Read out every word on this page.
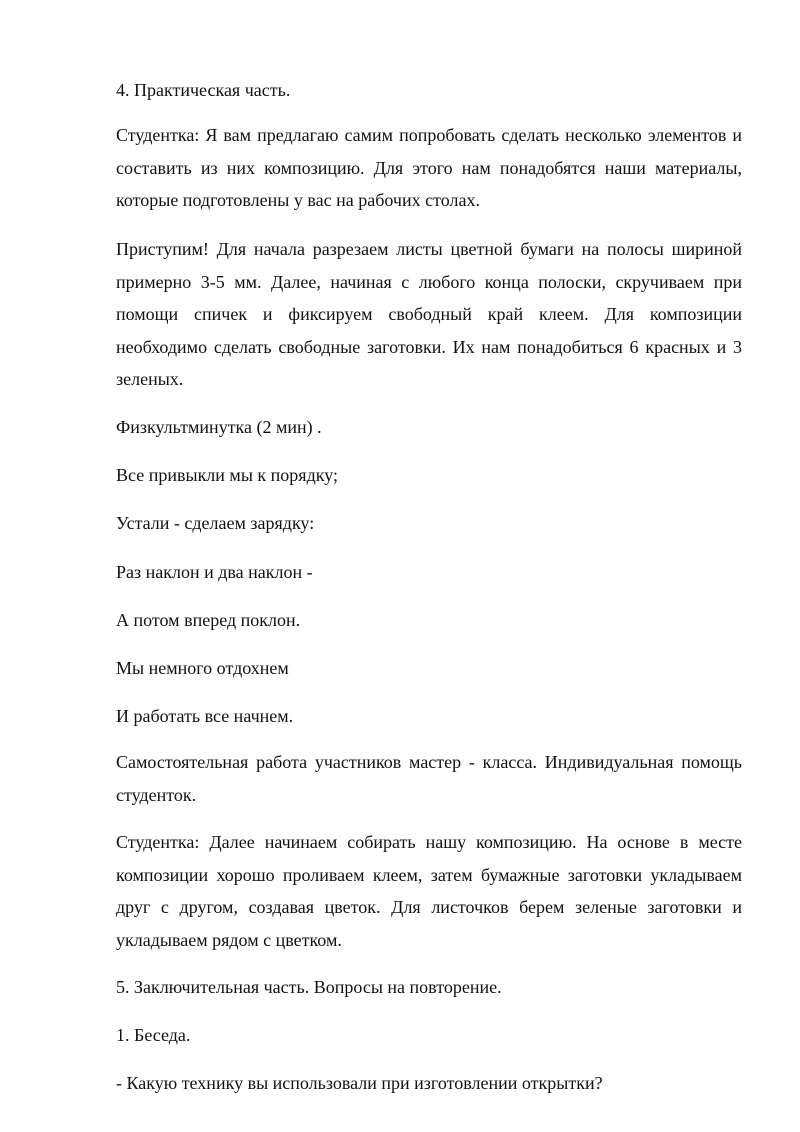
4. Практическая часть.

Студентка: Я вам предлагаю самим попробовать сделать несколько элементов и составить из них композицию. Для этого нам понадобятся наши материалы, которые подготовлены у вас на рабочих столах.

Приступим! Для начала разрезаем листы цветной бумаги на полосы шириной примерно 3-5 мм. Далее, начиная с любого конца полоски, скручиваем при помощи спичек и фиксируем свободный край клеем. Для композиции необходимо сделать свободные заготовки. Их нам понадобиться 6 красных и 3 зеленых.

Физкультминутка (2 мин) .

Все привыкли мы к порядку;

Устали - сделаем зарядку:

Раз наклон и два наклон -

А потом вперед поклон.

Мы немного отдохнем

И работать все начнем.

Самостоятельная работа участников мастер - класса. Индивидуальная помощь студенток.

Студентка: Далее начинаем собирать нашу композицию. На основе в месте композиции хорошо проливаем клеем, затем бумажные заготовки укладываем друг с другом, создавая цветок. Для листочков берем зеленые заготовки и укладываем рядом с цветком.

5. Заключительная часть. Вопросы на повторение.

1. Беседа.

- Какую технику вы использовали при изготовлении открытки?
